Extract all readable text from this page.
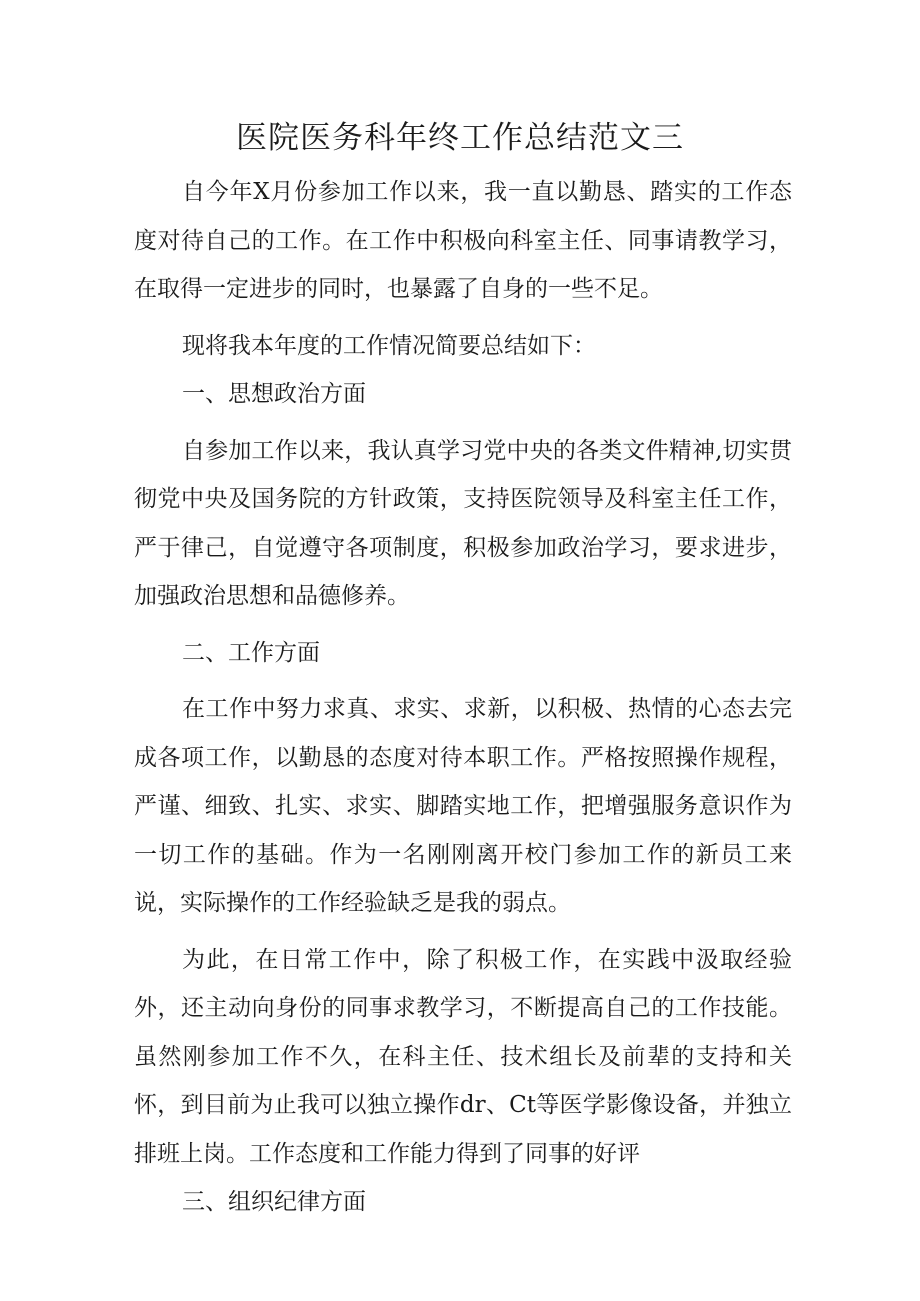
医院医务科年终工作总结范文三

自今年X月份参加工作以来，我一直以勤恳、踏实的工作态度对待自己的工作。在工作中积极向科室主任、同事请教学习，在取得一定进步的同时，也暴露了自身的一些不足。

现将我本年度的工作情况简要总结如下：

一、思想政治方面

自参加工作以来，我认真学习党中央的各类文件精神,切实贯彻党中央及国务院的方针政策，支持医院领导及科室主任工作，严于律己，自觉遵守各项制度，积极参加政治学习，要求进步，加强政治思想和品德修养。

二、工作方面

在工作中努力求真、求实、求新，以积极、热情的心态去完成各项工作，以勤恳的态度对待本职工作。严格按照操作规程，严谨、细致、扎实、求实、脚踏实地工作，把增强服务意识作为一切工作的基础。作为一名刚刚离开校门参加工作的新员工来说，实际操作的工作经验缺乏是我的弱点。

为此，在日常工作中，除了积极工作，在实践中汲取经验外，还主动向身份的同事求教学习，不断提高自己的工作技能。虽然刚参加工作不久，在科主任、技术组长及前辈的支持和关怀，到目前为止我可以独立操作dr、Ct等医学影像设备，并独立排班上岗。工作态度和工作能力得到了同事的好评

三、组织纪律方面
